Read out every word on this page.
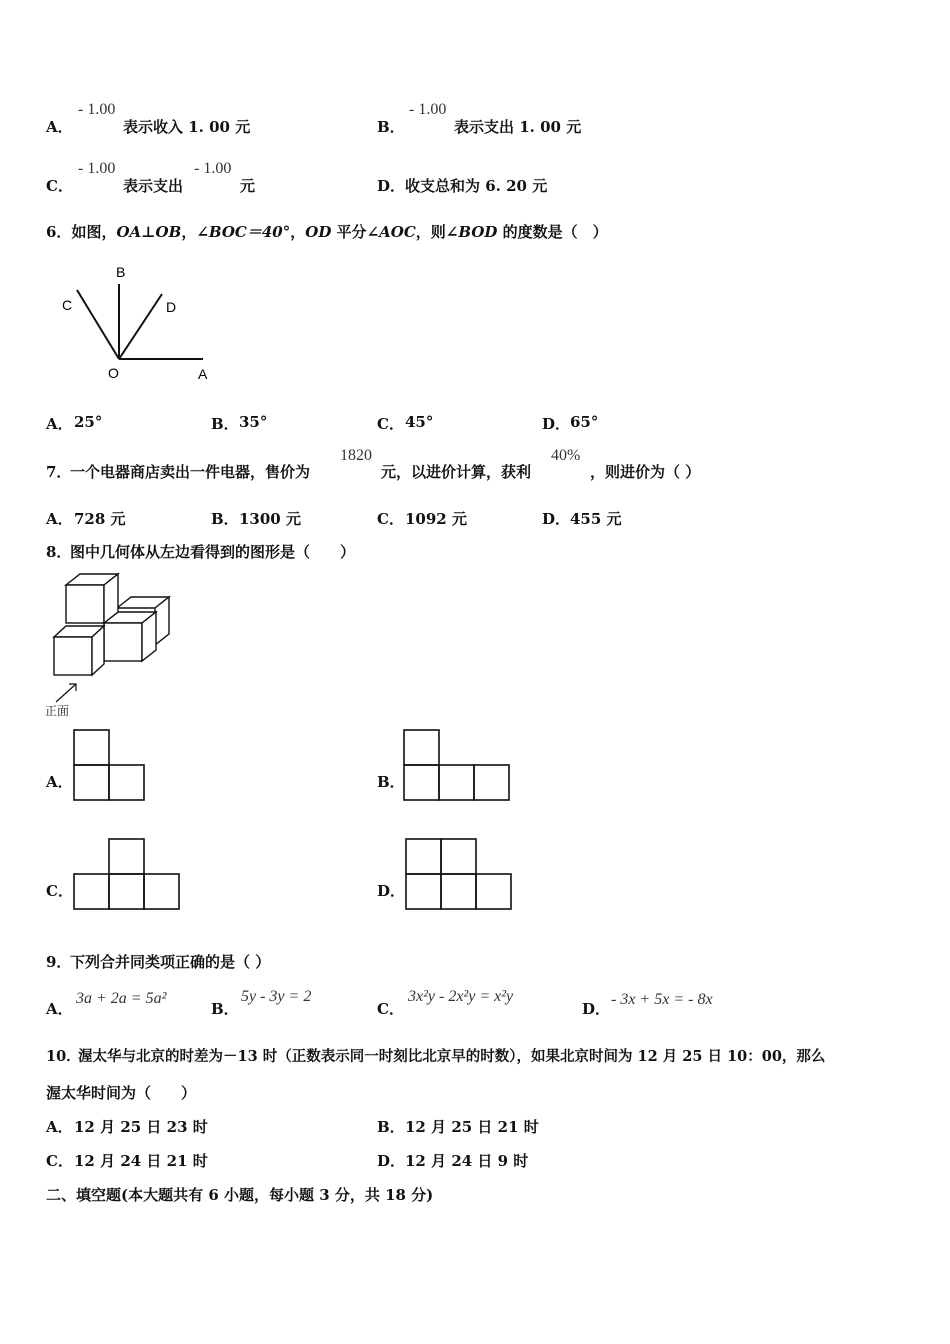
A．
- 1.00
表示收入 1. 00 元	B．
- 1.00
表示支出 1. 00 元
C．
- 1.00
表示支出
- 1.00
元	D． 收支总和为 6. 20 元
6．如图，OA⊥OB，∠BOC＝40°，OD 平分∠AOC，则∠BOD 的度数是（　）
B
C	D
O	A
A． 25°	B． 35°	C． 45°	D． 65°
7．
一个电器商店卖出一件电器，售价为
1820
元，以进价计算，获利
40%
，则进价为（ ）
A． 728 元	B． 1300 元	C． 1092 元	D． 455 元
8．
图中几何体从左边看得到的图形是（　　）
正面
A．	B．
C．	D．
9．
下列合并同类项正确的是（ ）
A．
3a + 2a = 5a²
B．
5y - 3y = 2
C．
3x²y - 2x²y = x²y
D．
- 3x + 5x = - 8x
10．
渥太华与北京的时差为－13 时（正数表示同一时刻比北京早的时数），如果北京时间为 12 月 25 日 10：00，那么
渥太华时间为（　　）
A． 12 月 25 日 23 时	B． 12 月 25 日 21 时
C． 12 月 24 日 21 时	D． 12 月 24 日 9 时
二、填空题(本大题共有 6 小题，每小题 3 分，共 18 分)
